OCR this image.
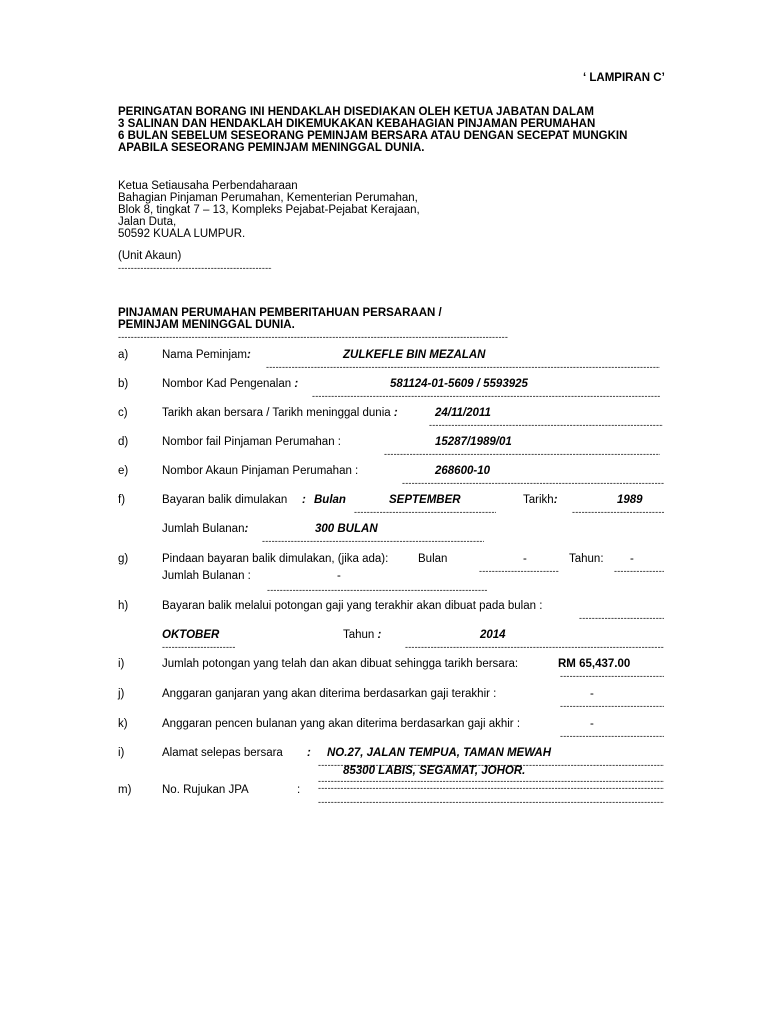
‘ LAMPIRAN C’
PERINGATAN BORANG INI HENDAKLAH DISEDIAKAN OLEH KETUA JABATAN DALAM
3 SALINAN DAN HENDAKLAH DIKEMUKAKAN KEBAHAGIAN PINJAMAN PERUMAHAN
6 BULAN SEBELUM SESEORANG PEMINJAM BERSARA ATAU DENGAN SECEPAT MUNGKIN
APABILA SESEORANG PEMINJAM MENINGGAL DUNIA.
Ketua Setiausaha Perbendaharaan
Bahagian Pinjaman Perumahan, Kementerian Perumahan,
Blok 8, tingkat 7 – 13, Kompleks Pejabat-Pejabat Kerajaan,
Jalan Duta,
50592 KUALA LUMPUR.
(Unit Akaun)
-----
PINJAMAN PERUMAHAN PEMBERITAHUAN PERSARAAN /
PEMINJAM MENINGGAL DUNIA.
-----
a)	Nama Peminjam:	ZULKEFLE BIN MEZALAN
-----
b)	Nombor Kad Pengenalan :	581124-01-5609 / 5593925
-----
c)	Tarikh akan bersara / Tarikh meninggal dunia :	24/11/2011
-----
d)	Nombor fail Pinjaman Perumahan :	15287/1989/01
-----
e)	Nombor Akaun Pinjaman Perumahan :	268600-10
-----
f)	Bayaran balik dimulakan : Bulan	SEPTEMBER	Tarikh:	1989
-----
-----
Jumlah Bulanan:	300 BULAN
-----
g)	Pindaan bayaran balik dimulakan, (jika ada):	Bulan	-	Tahun: -
Jumlah Bulanan :	-
-----
-----
-----
h)	Bayaran balik melalui potongan gaji yang terakhir akan dibuat pada bulan :
-----
OKTOBER	Tahun :	2014
-----
-----
i)	Jumlah potongan yang telah dan akan dibuat sehingga tarikh bersara:	RM 65,437.00
-----
j)	Anggaran ganjaran yang akan diterima berdasarkan gaji terakhir :	-
-----
k)	Anggaran pencen bulanan yang akan diterima berdasarkan gaji akhir :	-
-----
i)	Alamat selepas bersara : NO.27, JALAN TEMPUA, TAMAN MEWAH
-----
85300 LABIS, SEGAMAT, JOHOR.
-----
m)	No. Rujukan JPA	:
-----
-----
